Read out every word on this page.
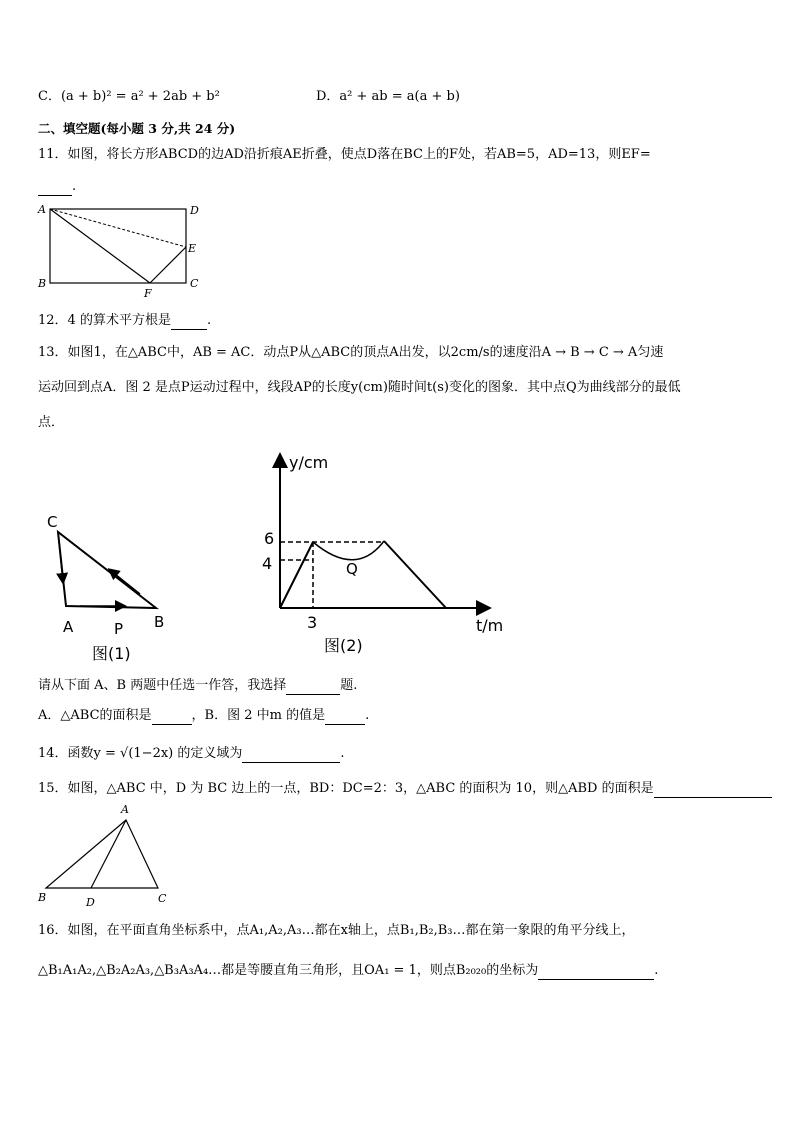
C．(a + b)² = a² + 2ab + b²	D．a² + ab = a(a + b)
二、填空题(每小题 3 分,共 24 分)
11．如图，将长方形ABCD的边AD沿折痕AE折叠，使点D落在BC上的F处，若AB=5，AD=13，则EF=
.
A	D
E
B
F
C
12．4 的算术平方根是	.
13．如图1，在△ABC中，AB = AC．动点P从△ABC的顶点A出发，以2cm/s的速度沿A → B → C → A匀速
运动回到点A．图 2 是点P运动过程中，线段AP的长度y(cm)随时间t(s)变化的图象．其中点Q为曲线部分的最低
点．
C
A	P B
图(1)
y/cm
t/m
6
4
3
Q
图(2)
请从下面 A、B 两题中任选一作答，我选择	题.
A．△ABC的面积是	，B．图 2 中m 的值是	.
14．函数y = √(1−2x) 的定义域为	.
15．如图，△ABC 中，D 为 BC 边上的一点，BD：DC=2：3，△ABC 的面积为 10，则△ABD 的面积是
A
B	D	C
16．如图，在平面直角坐标系中，点A₁,A₂,A₃…都在x轴上，点B₁,B₂,B₃…都在第一象限的角平分线上，
△B₁A₁A₂,△B₂A₂A₃,△B₃A₃A₄…都是等腰直角三角形，且OA₁ = 1，则点B₂₀₂₀的坐标为	.
